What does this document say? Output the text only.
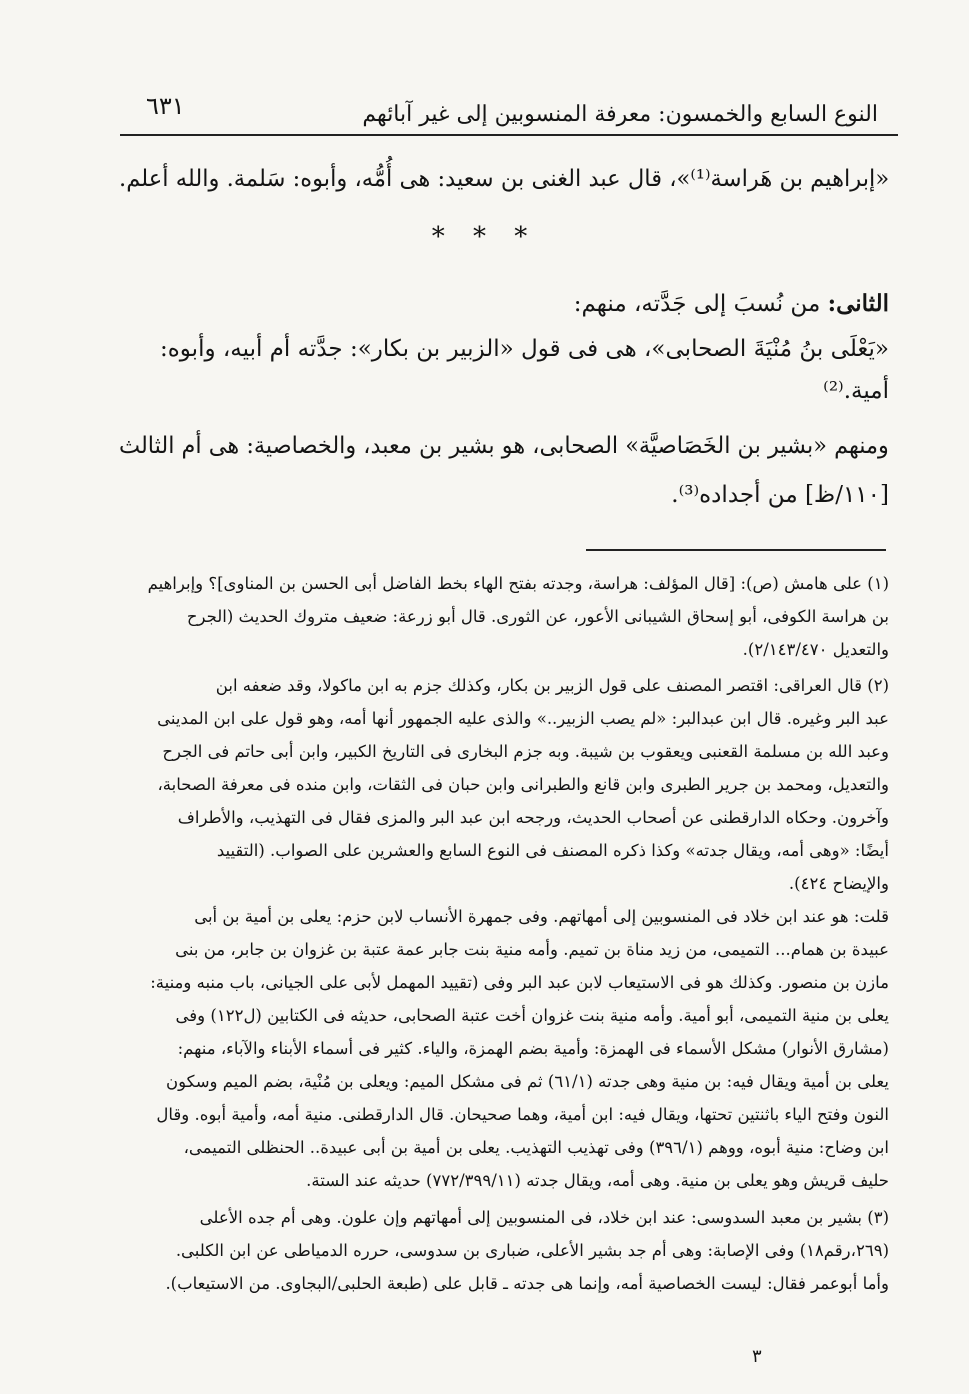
النوع السابع والخمسون: معرفة المنسوبين إلى غير آبائهم
٦٣١
«إبراهيم بن هَراسة⁽¹⁾»، قال عبد الغنى بن سعيد: هى أُمُّه، وأبوه: سَلمة. والله أعلم.
* * *
الثانى: من نُسبَ إلى جَدَّته، منهم:
«يَعْلَى بنُ مُنْيَةَ الصحابى»، هى فى قول «الزبير بن بكار»: جدَّته أم أبيه، وأبوه:
أمية.⁽²⁾
ومنهم «بشير بن الخَصَاصيَّة» الصحابى، هو بشير بن معبد، والخصاصية: هى أم الثالث
[١١٠/ظ] من أجداده⁽³⁾.
(١) على هامش (ص): [قال المؤلف: هراسة، وجدته بفتح الهاء بخط الفاضل أبى الحسن بن المناوى]؟ وإبراهيم
بن هراسة الكوفى، أبو إسحاق الشيبانى الأعور، عن الثورى. قال أبو زرعة: ضعيف متروك الحديث (الجرح
والتعديل ٢/١٤٣/٤٧٠).
(٢) قال العراقى: اقتصر المصنف على قول الزبير بن بكار، وكذلك جزم به ابن ماكولا، وقد ضعفه ابن
عبد البر وغيره. قال ابن عبدالبر: «لم يصب الزبير..» والذى عليه الجمهور أنها أمه، وهو قول على ابن المدينى
وعبد الله بن مسلمة القعنبى ويعقوب بن شيبة. وبه جزم البخارى فى التاريخ الكبير، وابن أبى حاتم فى الجرح
والتعديل، ومحمد بن جرير الطبرى وابن قانع والطبرانى وابن حبان فى الثقات، وابن منده فى معرفة الصحابة،
وآخرون. وحكاه الدارقطنى عن أصحاب الحديث، ورجحه ابن عبد البر والمزى فقال فى التهذيب، والأطراف
أيضًا: «وهى أمه، ويقال جدته» وكذا ذكره المصنف فى النوع السابع والعشرين على الصواب. (التقييد
والإيضاح ٤٢٤).
قلت: هو عند ابن خلاد فى المنسوبين إلى أمهاتهم. وفى جمهرة الأنساب لابن حزم: يعلى بن أمية بن أبى
عبيدة بن همام... التميمى، من زيد مناة بن تميم. وأمه منية بنت جابر عمة عتبة بن غزوان بن جابر، من بنى
مازن بن منصور. وكذلك هو فى الاستيعاب لابن عبد البر وفى (تقييد المهمل لأبى على الجيانى، باب منبه ومنية:
يعلى بن منية التميمى، أبو أمية. وأمه منية بنت غزوان أخت عتبة الصحابى، حديثه فى الكتابين (ل١٢٢) وفى
(مشارق الأنوار) مشكل الأسماء فى الهمزة: وأمية بضم الهمزة، والياء. كثير فى أسماء الأبناء والآباء، منهم:
يعلى بن أمية ويقال فيه: بن منية وهى جدته (٦١/١) ثم فى مشكل الميم: ويعلى بن مُنْية، بضم الميم وسكون
النون وفتح الياء باثنتين تحتها، ويقال فيه: ابن أمية، وهما صحيحان. قال الدارقطنى. منية أمه، وأمية أبوه. وقال
ابن وضاح: منية أبوه، ووهم (٣٩٦/١) وفى تهذيب التهذيب. يعلى بن أمية بن أبى عبيدة.. الحنظلى التميمى،
حليف قريش وهو يعلى بن منية. وهى أمه، ويقال جدته (٧٧٢/٣٩٩/١١) حديثه عند الستة.
(٣) بشير بن معبد السدوسى: عند ابن خلاد، فى المنسوبين إلى أمهاتهم وإن علون. وهى أم جده الأعلى
(٢٦٩،رقم١٨) وفى الإصابة: وهى أم جد بشير الأعلى، ضبارى بن سدوسى، حرره الدمياطى عن ابن الكلبى.
وأما أبوعمر فقال: ليست الخصاصية أمه، وإنما هى جدته ـ قابل على (طبعة الحلبى/البجاوى. من الاستيعاب).
٣
